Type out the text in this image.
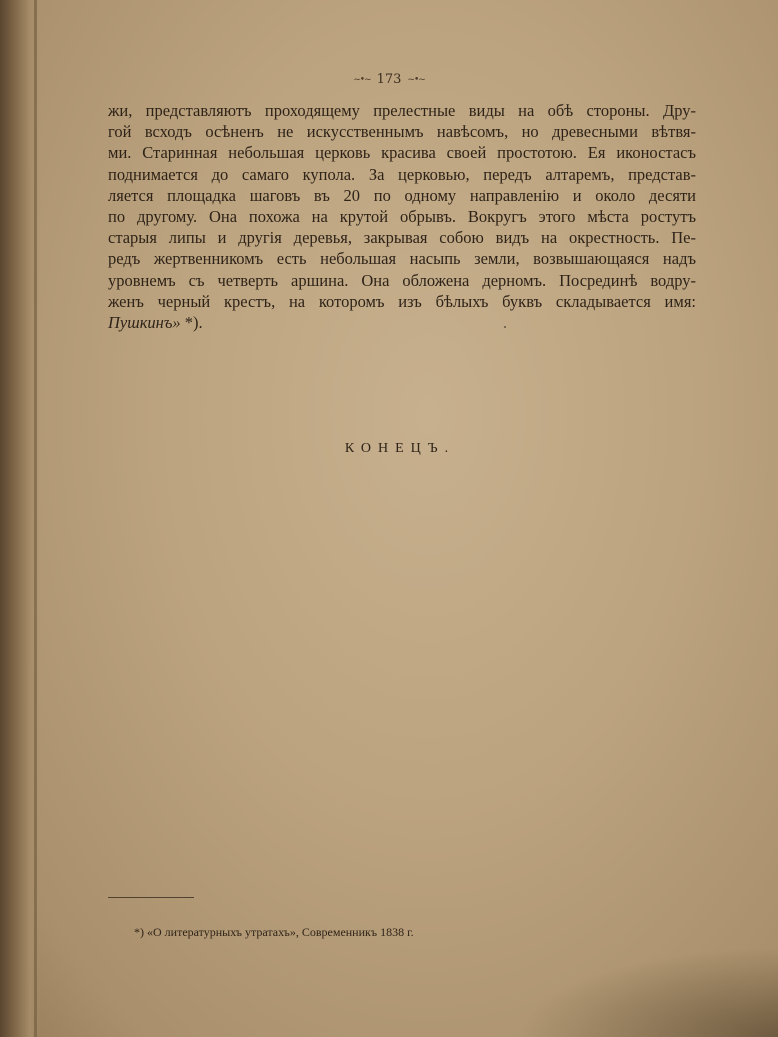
~•~ 173 ~•~
жи, представляютъ проходящему прелестные виды на обѣ стороны. Дру-
гой всходъ осѣненъ не искусственнымъ навѣсомъ, но древесными вѣтвя-
ми. Старинная небольшая церковь красива своей простотою. Ея иконостасъ
поднимается до самаго купола. За церковью, передъ алтаремъ, представ-
ляется площадка шаговъ въ 20 по одному направленію и около десяти
по другому. Она похожа на крутой обрывъ. Вокругъ этого мѣста ростутъ
старыя липы и другія деревья, закрывая собою видъ на окрестность. Пе-
редъ жертвенникомъ есть небольшая насыпь земли, возвышающаяся надъ
уровнемъ съ четверть аршина. Она обложена дерномъ. Посрединѣ водру-
женъ черный крестъ, на которомъ изъ бѣлыхъ буквъ складывается имя:
Пушкинъ» *).
КОНЕЦЪ.
*) «О литературныхъ утратахъ», Современникъ 1838 г.
